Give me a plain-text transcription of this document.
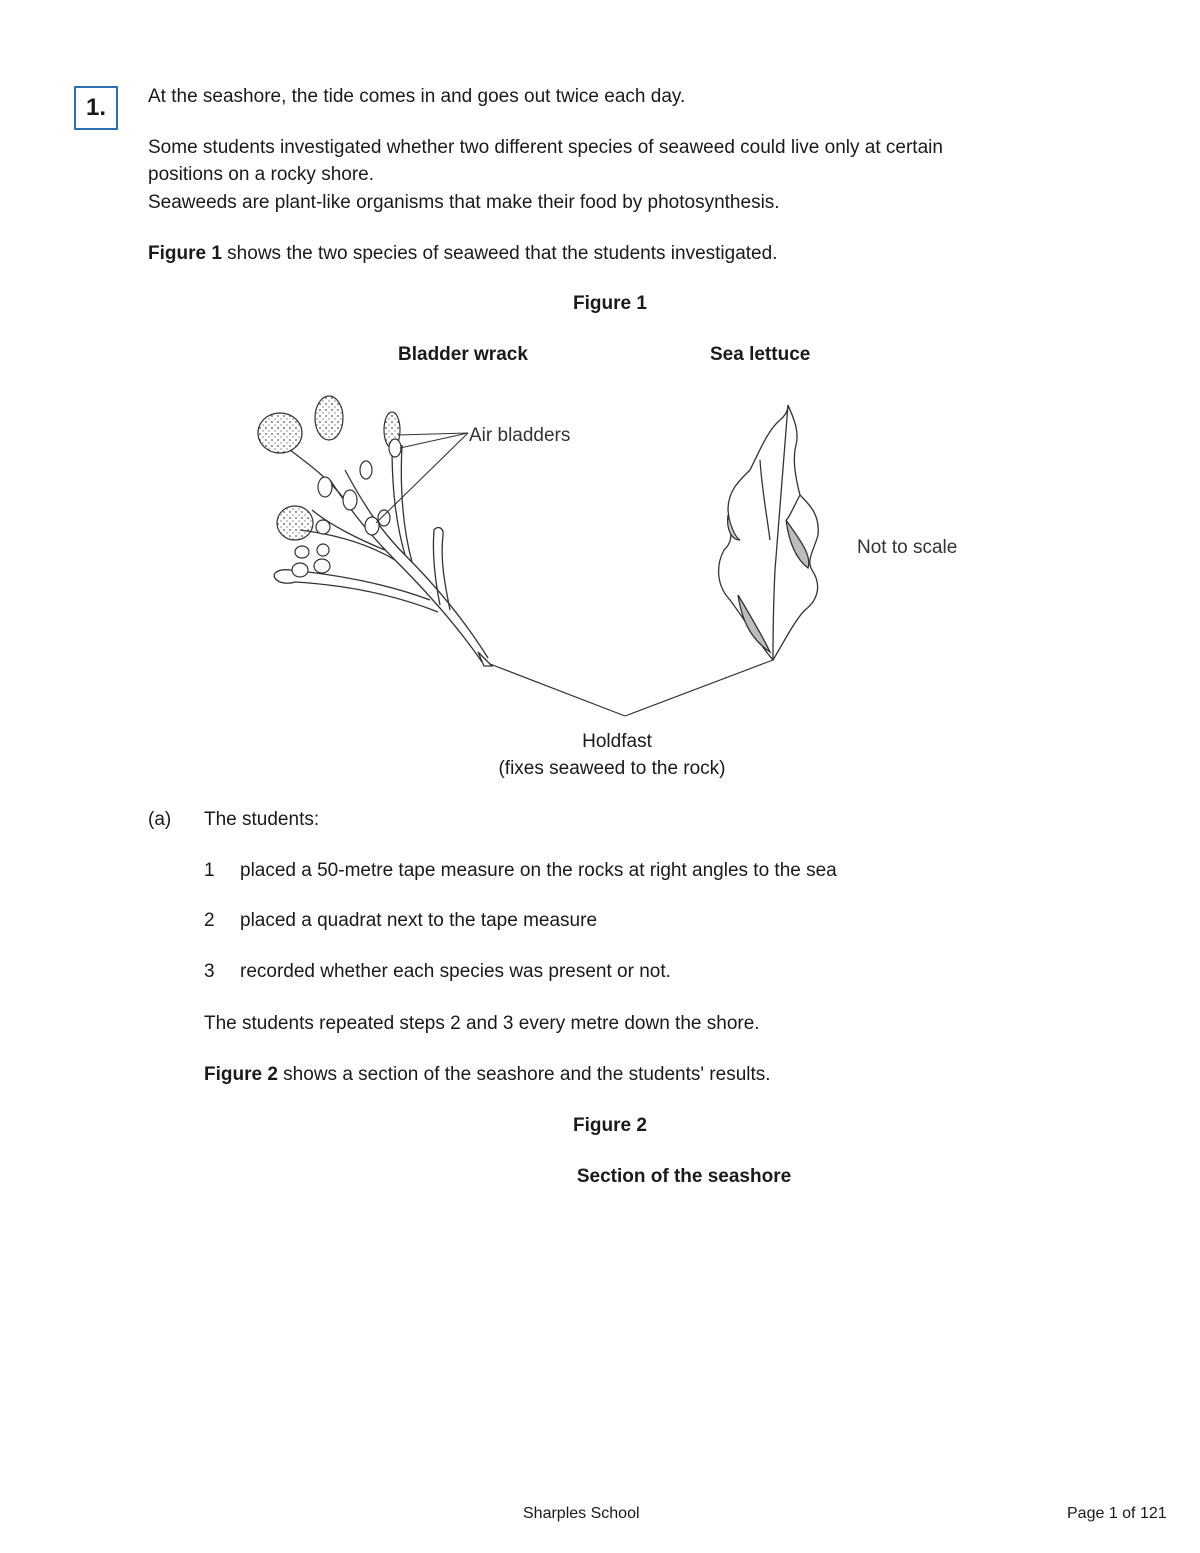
1.	At the seashore, the tide comes in and goes out twice each day.
Some students investigated whether two different species of seaweed could live only at certain
positions on a rocky shore.
Seaweeds are plant-like organisms that make their food by photosynthesis.
Figure 1 shows the two species of seaweed that the students investigated.
Figure 1
Bladder wrack	Sea lettuce
Air bladders
Not to scale
Holdfast
(fixes seaweed to the rock)
(a) The students:
1 placed a 50-metre tape measure on the rocks at right angles to the sea
2 placed a quadrat next to the tape measure
3 recorded whether each species was present or not.
The students repeated steps 2 and 3 every metre down the shore.
Figure 2 shows a section of the seashore and the students' results.
Figure 2
Section of the seashore
Sharples School	Page 1 of 121
